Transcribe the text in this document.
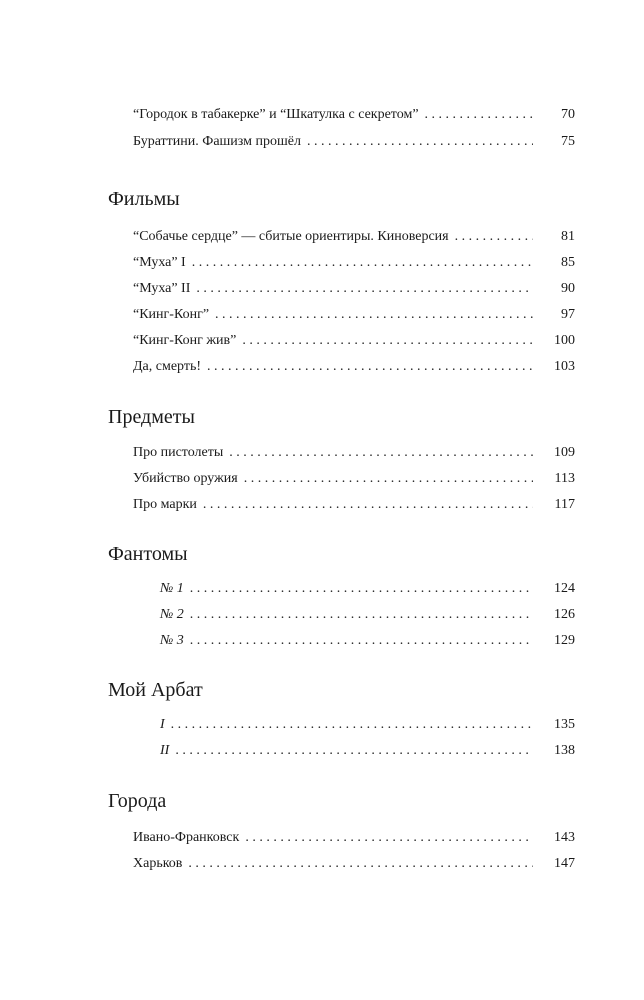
“Городок в табакерке” и “Шкатулка с секретом” . . .	70
Бураттини. Фашизм прошёл . . .	75
Фильмы
“Собачье сердце” — сбитые ориентиры. Киноверсия . . .	81
“Муха” I . . .	85
“Муха” II . . .	90
“Кинг-Конг” . . .	97
“Кинг-Конг жив” . . .	100
Да, смерть! . . .	103
Предметы
Про пистолеты . . .	109
Убийство оружия . . .	113
Про марки . . .	117
Фантомы
№ 1 . . .	124
№ 2 . . .	126
№ 3 . . .	129
Мой Арбат
I . . .	135
II . . .	138
Города
Ивано-Франковск . . .	143
Харьков . . .	147
